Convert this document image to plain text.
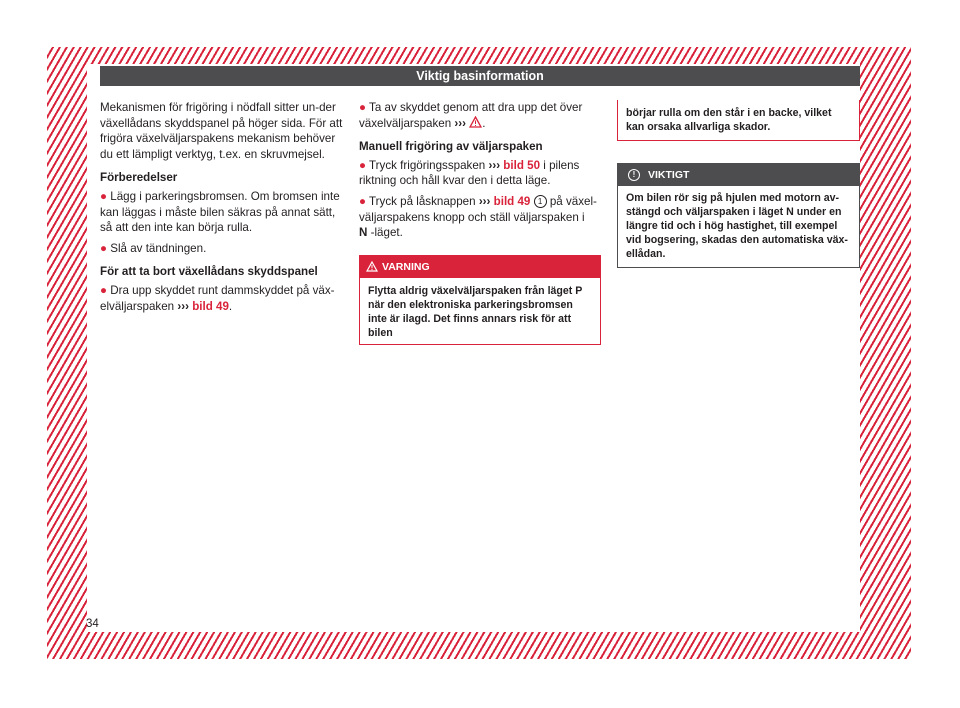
Viktig basinformation

Mekanismen för frigöring i nödfall sitter un-der växellådans skyddspanel på höger sida. För att frigöra växelväljarspakens mekanism behöver du ett lämpligt verktyg, t.ex. en skruvmejsel.

Förberedelser

● Lägg i parkeringsbromsen. Om bromsen inte kan läggas i måste bilen säkras på annat sätt, så att den inte kan börja rulla.

● Slå av tändningen.

För att ta bort växellådans skyddspanel

● Dra upp skyddet runt dammskyddet på väx-elväljarspaken ››› bild 49.

● Ta av skyddet genom att dra upp det över växelväljarspaken ››› .

Manuell frigöring av väljarspaken

● Tryck frigöringsspaken ››› bild 50 i pilens riktning och håll kvar den i detta läge.

● Tryck på låsknappen ››› bild 49 1 på växel-väljarspakens knopp och ställ väljarspaken i
N -läget.

VARNING
Flytta aldrig växelväljarspaken från läget P när den elektroniska parkeringsbromsen inte är ilagd. Det finns annars risk för att bilen
börjar rulla om den står i en backe, vilket kan orsaka allvarliga skador.
!	VIKTIGT
Om bilen rör sig på hjulen med motorn av-stängd och väljarspaken i läget N under en längre tid och i hög hastighet, till exempel vid bogsering, skadas den automatiska väx-ellådan.
34
